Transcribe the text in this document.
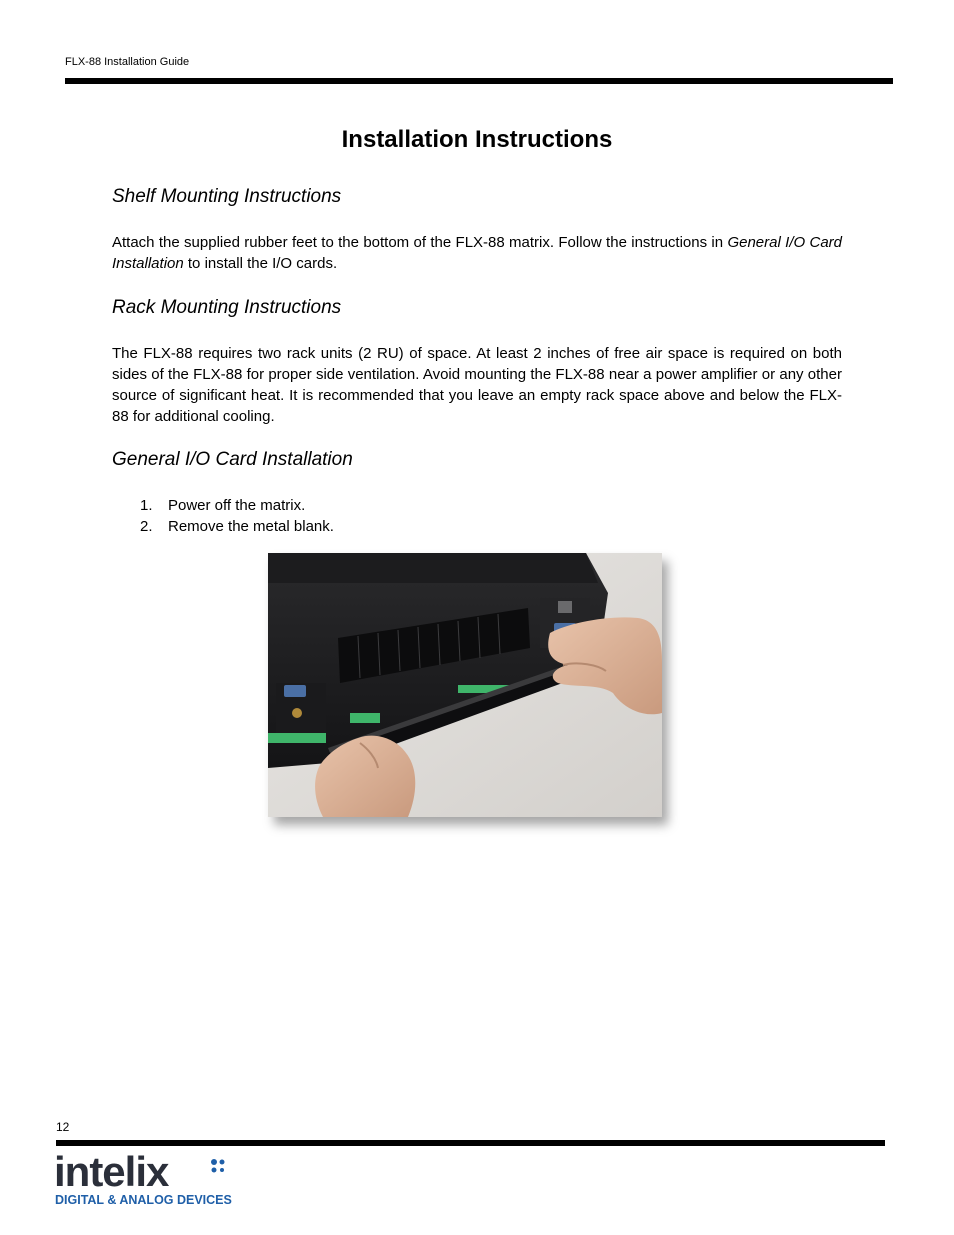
FLX-88 Installation Guide
Installation Instructions
Shelf Mounting Instructions
Attach the supplied rubber feet to the bottom of the FLX-88 matrix. Follow the instructions in General I/O Card Installation to install the I/O cards.
Rack Mounting Instructions
The FLX-88 requires two rack units (2 RU) of space. At least 2 inches of free air space is required on both sides of the FLX-88 for proper side ventilation. Avoid mounting the FLX-88 near a power amplifier or any other source of significant heat. It is recommended that you leave an empty rack space above and below the FLX-88 for additional cooling.
General I/O Card Installation
1. Power off the matrix.
2. Remove the metal blank.
12
intelix
DIGITAL & ANALOG DEVICES
